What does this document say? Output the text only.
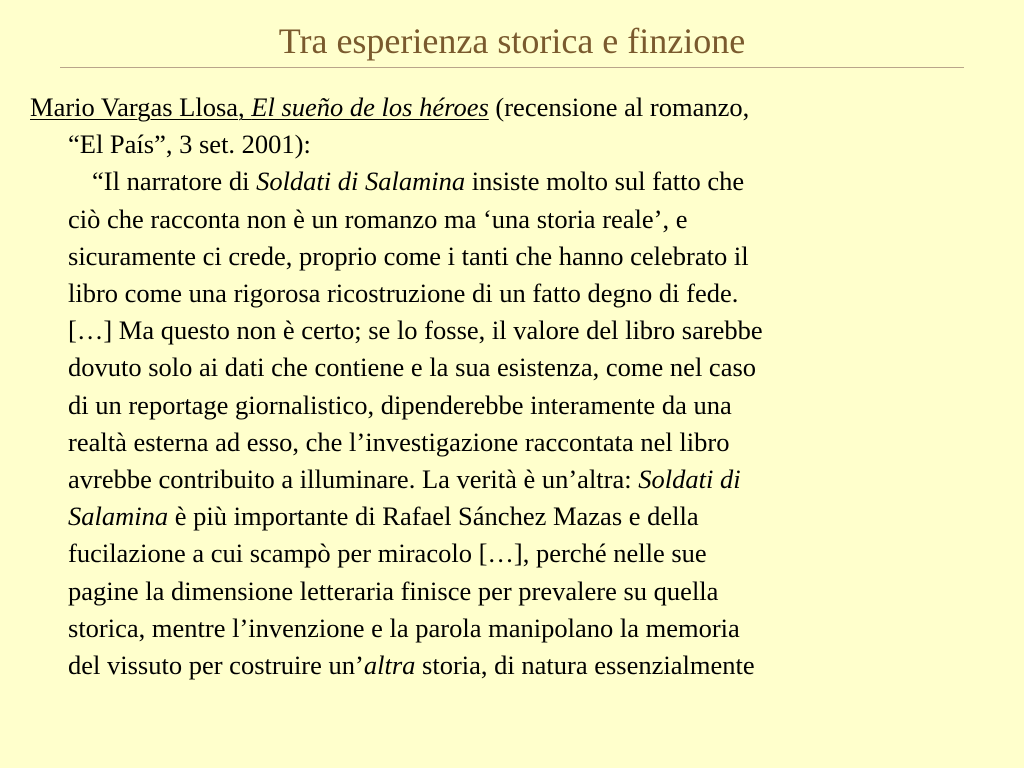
Tra esperienza storica e finzione
Mario Vargas Llosa, El sueño de los héroes (recensione al romanzo,
“El País”, 3 set. 2001):
“Il narratore di Soldati di Salamina insiste molto sul fatto che
ciò che racconta non è un romanzo ma ‘una storia reale’, e
sicuramente ci crede, proprio come i tanti che hanno celebrato il
libro come una rigorosa ricostruzione di un fatto degno di fede.
[…] Ma questo non è certo; se lo fosse, il valore del libro sarebbe
dovuto solo ai dati che contiene e la sua esistenza, come nel caso
di un reportage giornalistico, dipenderebbe interamente da una
realtà esterna ad esso, che l’investigazione raccontata nel libro
avrebbe contribuito a illuminare. La verità è un’altra: Soldati di
Salamina è più importante di Rafael Sánchez Mazas e della
fucilazione a cui scampò per miracolo […], perché nelle sue
pagine la dimensione letteraria finisce per prevalere su quella
storica, mentre l’invenzione e la parola manipolano la memoria
del vissuto per costruire un’altra storia, di natura essenzialmente
